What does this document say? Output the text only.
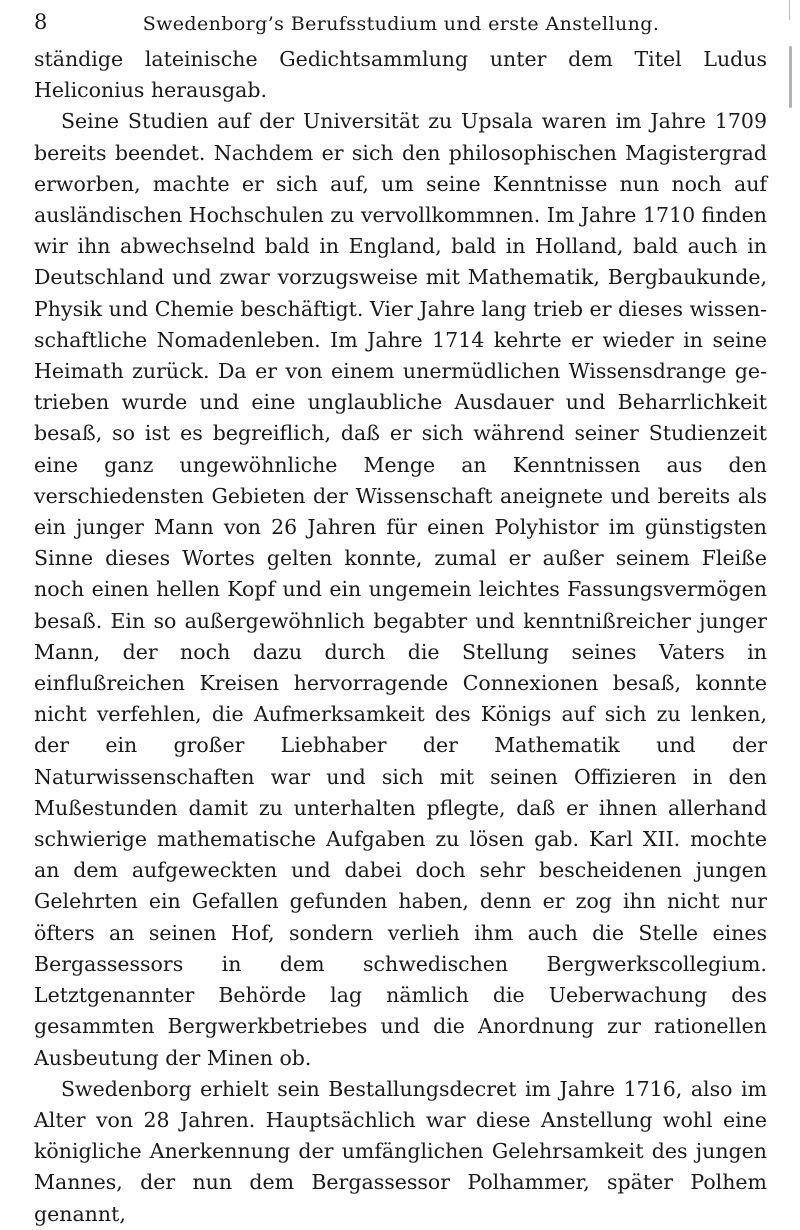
8	Swedenborg’s Berufsstudium und erste Anstellung.

ständige lateinische Gedichtsammlung unter dem Titel Ludus Heliconius herausgab.

Seine Studien auf der Universität zu Upsala waren im Jahre 1709 bereits beendet. Nachdem er sich den philosophischen Magistergrad erworben, machte er sich auf, um seine Kenntnisse nun noch auf ausländischen Hochschulen zu vervollkommnen. Im Jahre 1710 finden wir ihn abwechselnd bald in England, bald in Holland, bald auch in Deutschland und zwar vorzugsweise mit Mathematik, Bergbaukunde, Physik und Chemie beschäftigt. Vier Jahre lang trieb er dieses wissenschaftliche Nomadenleben. Im Jahre 1714 kehrte er wieder in seine Heimath zurück. Da er von einem unermüdlichen Wissensdrange getrieben wurde und eine unglaubliche Ausdauer und Beharrlichkeit besaß, so ist es begreiflich, daß er sich während seiner Studienzeit eine ganz ungewöhnliche Menge an Kenntnissen aus den verschiedensten Gebieten der Wissenschaft aneignete und bereits als ein junger Mann von 26 Jahren für einen Polyhistor im günstigsten Sinne dieses Wortes gelten konnte, zumal er außer seinem Fleiße noch einen hellen Kopf und ein ungemein leichtes Fassungsvermögen besaß. Ein so außergewöhnlich begabter und kenntnißreicher junger Mann, der noch dazu durch die Stellung seines Vaters in einflußreichen Kreisen hervorragende Connexionen besaß, konnte nicht verfehlen, die Aufmerksamkeit des Königs auf sich zu lenken, der ein großer Liebhaber der Mathematik und der Naturwissenschaften war und sich mit seinen Offizieren in den Mußestunden damit zu unterhalten pflegte, daß er ihnen allerhand schwierige mathematische Aufgaben zu lösen gab. Karl XII. mochte an dem aufgeweckten und dabei doch sehr bescheidenen jungen Gelehrten ein Gefallen gefunden haben, denn er zog ihn nicht nur öfters an seinen Hof, sondern verlieh ihm auch die Stelle eines Bergassessors in dem schwedischen Bergwerkscollegium. Letztgenannter Behörde lag nämlich die Ueberwachung des gesammten Bergwerkbetriebes und die Anordnung zur rationellen Ausbeutung der Minen ob.

Swedenborg erhielt sein Bestallungsdecret im Jahre 1716, also im Alter von 28 Jahren. Hauptsächlich war diese Anstellung wohl eine königliche Anerkennung der umfänglichen Gelehrsamkeit des jungen Mannes, der nun dem Bergassessor Polhammer, später Polhem genannt,
